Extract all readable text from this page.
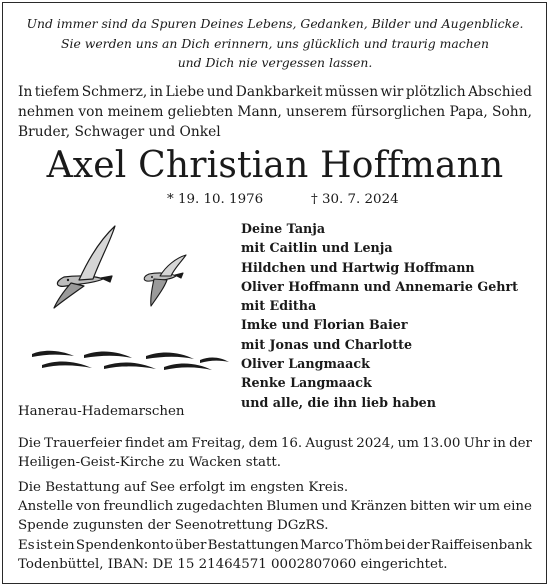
Und immer sind da Spuren Deines Lebens, Gedanken, Bilder und Augenblicke.
Sie werden uns an Dich erinnern, uns glücklich und traurig machen
und Dich nie vergessen lassen.
In tiefem Schmerz, in Liebe und Dankbarkeit müssen wir plötzlich Abschied
nehmen von meinem geliebten Mann, unserem fürsorglichen Papa, Sohn,
Bruder, Schwager und Onkel
Axel Christian Hoffmann
* 19. 10. 1976	† 30. 7. 2024
Deine Tanja
mit Caitlin und Lenja
Hildchen und Hartwig Hoffmann
Oliver Hoffmann und Annemarie Gehrt
mit Editha
Imke und Florian Baier
mit Jonas und Charlotte
Oliver Langmaack
Renke Langmaack
und alle, die ihn lieb haben
Hanerau-Hademarschen
Die Trauerfeier findet am Freitag, dem 16. August 2024, um 13.00 Uhr in der
Heiligen-Geist-Kirche zu Wacken statt.
Die Bestattung auf See erfolgt im engsten Kreis.
Anstelle von freundlich zugedachten Blumen und Kränzen bitten wir um eine
Spende zugunsten der Seenotrettung DGzRS.
Es ist ein Spendenkonto über Bestattungen Marco Thöm bei der Raiffeisenbank
Todenbüttel, IBAN: DE 15 21464571 0002807060 eingerichtet.
